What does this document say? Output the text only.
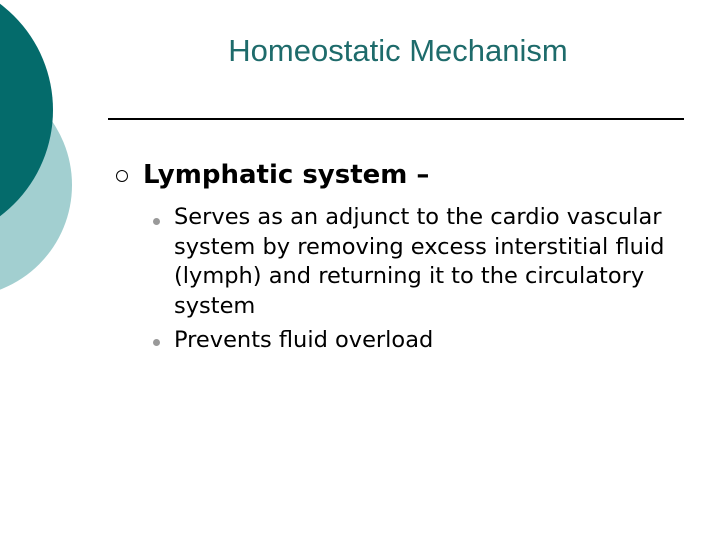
Homeostatic Mechanism
Lymphatic system –
Serves as an adjunct to the cardio vascular system by removing excess interstitial fluid (lymph) and returning it to the circulatory system
Prevents fluid overload
